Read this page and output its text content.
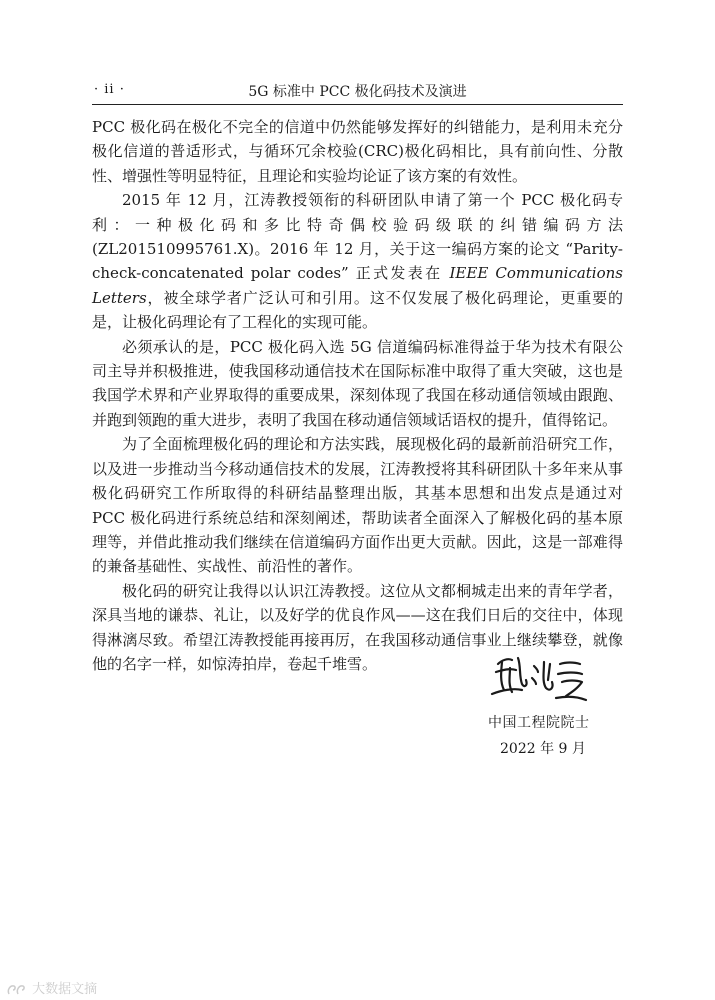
· ii ·	5G 标准中 PCC 极化码技术及演进

PCC 极化码在极化不完全的信道中仍然能够发挥好的纠错能力，是利用未充分极化信道的普适形式，与循环冗余校验(CRC)极化码相比，具有前向性、分散性、增强性等明显特征，且理论和实验均论证了该方案的有效性。

2015 年 12 月，江涛教授领衔的科研团队申请了第一个 PCC 极化码专利：一种极化码和多比特奇偶校验码级联的纠错编码方法(ZL201510995761.X)。2016 年 12 月，关于这一编码方案的论文 “Parity-check-concatenated polar codes” 正式发表在 IEEE Communications Letters，被全球学者广泛认可和引用。这不仅发展了极化码理论，更重要的是，让极化码理论有了工程化的实现可能。

必须承认的是，PCC 极化码入选 5G 信道编码标准得益于华为技术有限公司主导并积极推进，使我国移动通信技术在国际标准中取得了重大突破，这也是我国学术界和产业界取得的重要成果，深刻体现了我国在移动通信领域由跟跑、并跑到领跑的重大进步，表明了我国在移动通信领域话语权的提升，值得铭记。

为了全面梳理极化码的理论和方法实践，展现极化码的最新前沿研究工作，以及进一步推动当今移动通信技术的发展，江涛教授将其科研团队十多年来从事极化码研究工作所取得的科研结晶整理出版，其基本思想和出发点是通过对 PCC 极化码进行系统总结和深刻阐述，帮助读者全面深入了解极化码的基本原理等，并借此推动我们继续在信道编码方面作出更大贡献。因此，这是一部难得的兼备基础性、实战性、前沿性的著作。

极化码的研究让我得以认识江涛教授。这位从文都桐城走出来的青年学者，深具当地的谦恭、礼让，以及好学的优良作风——这在我们日后的交往中，体现得淋漓尽致。希望江涛教授能再接再厉，在我国移动通信事业上继续攀登，就像他的名字一样，如惊涛拍岸，卷起千堆雪。

中国工程院院士
2022 年 9 月
大数据文摘
